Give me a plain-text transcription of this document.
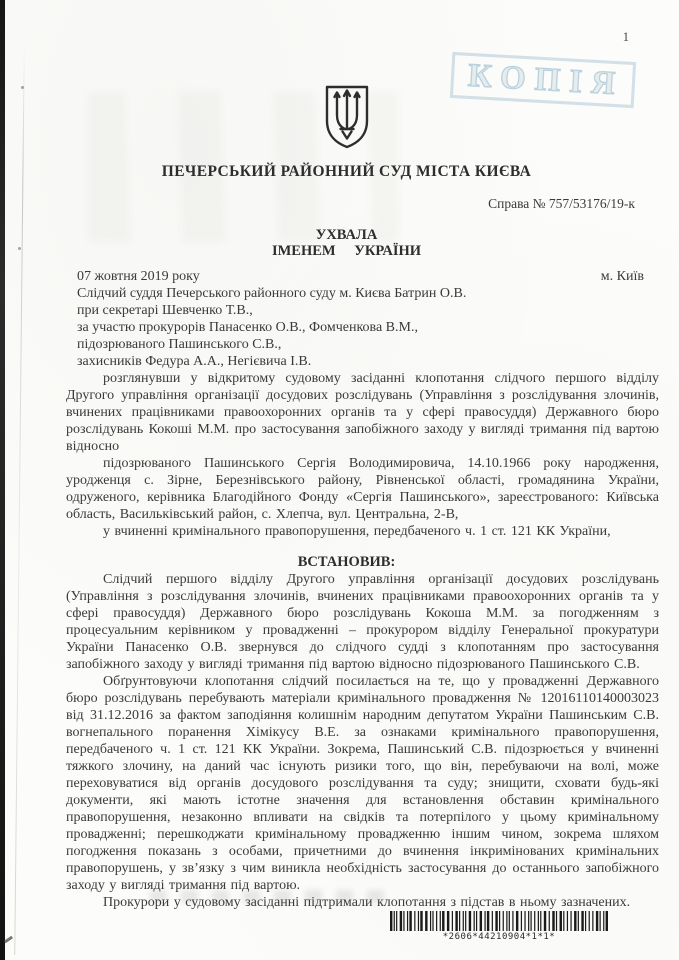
1
КОПІЯ
ПЕЧЕРСЬКИЙ РАЙОННИЙ СУД МІСТА КИЄВА
Справа № 757/53176/19-к
УХВАЛА
ІМЕНЕМ УКРАЇНИ
07 жовтня 2019 року	м. Київ
Слідчий суддя Печерського районного суду м. Києва Батрин О.В.
при секретарі Шевченко Т.В.,
за участю прокурорів Панасенко О.В., Фомченкова В.М.,
підозрюваного Пашинського С.В.,
захисників Федура А.А., Негієвича І.В.

розглянувши у відкритому судовому засіданні клопотання слідчого першого відділу Другого управління організації досудових розслідувань (Управління з розслідування злочинів, вчинених працівниками правоохоронних органів та у сфері правосуддя) Державного бюро розслідувань Кокоші М.М. про застосування запобіжного заходу у вигляді тримання під вартою відносно

підозрюваного Пашинського Сергія Володимировича, 14.10.1966 року народження, уродженця с. Зірне, Березнівського району, Рівненської області, громадянина України, одруженого, керівника Благодійного Фонду «Сергія Пашинського», зареєстрованого: Київська область, Васильківський район, с. Хлепча, вул. Центральна, 2-В,

у вчиненні кримінального правопорушення, передбаченого ч. 1 ст. 121 КК України,

ВСТАНОВИВ:

Слідчий першого відділу Другого управління організації досудових розслідувань (Управління з розслідування злочинів, вчинених працівниками правоохоронних органів та у сфері правосуддя) Державного бюро розслідувань Кокоша М.М. за погодженням з процесуальним керівником у провадженні – прокурором відділу Генеральної прокуратури України Панасенко О.В. звернувся до слідчого судді з клопотанням про застосування запобіжного заходу у вигляді тримання під вартою відносно підозрюваного Пашинського С.В.

Обґрунтовуючи клопотання слідчий посилається на те, що у провадженні Державного бюро розслідувань перебувають матеріали кримінального провадження № 12016110140003023 від 31.12.2016 за фактом заподіяння колишнім народним депутатом України Пашинським С.В. вогнепального поранення Хімікусу В.Е. за ознаками кримінального правопорушення, передбаченого ч. 1 ст. 121 КК України. Зокрема, Пашинський С.В. підозрюється у вчиненні тяжкого злочину, на даний час існують ризики того, що він, перебуваючи на волі, може переховуватися від органів досудового розслідування та суду; знищити, сховати будь-які документи, які мають істотне значення для встановлення обставин кримінального правопорушення, незаконно впливати на свідків та потерпілого у цьому кримінальному провадженні; перешкоджати кримінальному провадженню іншим чином, зокрема шляхом погодження показань з особами, причетними до вчинення інкримінованих кримінальних правопорушень, у зв’язку з чим виникла необхідність застосування до останнього запобіжного заходу у вигляді тримання під вартою.

Прокурори у судовому засіданні підтримали клопотання з підстав в ньому зазначених.

*2606*44210904*1*1*
